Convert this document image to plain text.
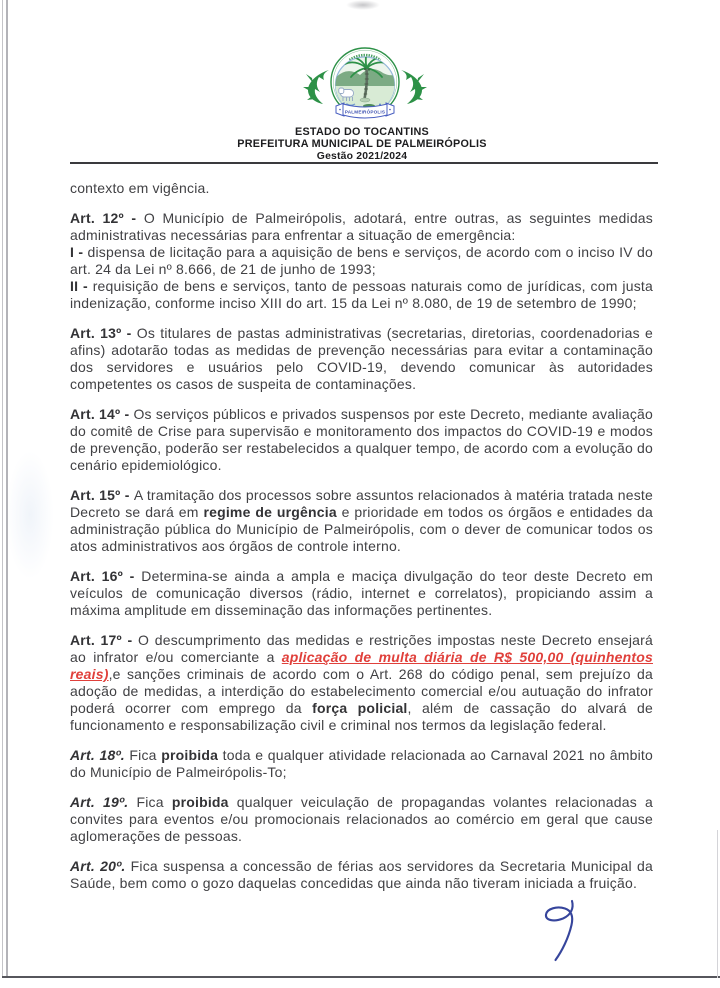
PALMEIRÓPOLIS
ESTADO DO TOCANTINS
PREFEITURA MUNICIPAL DE PALMEIRÓPOLIS
Gestão 2021/2024

contexto em vigência.

Art. 12º - O Município de Palmeirópolis, adotará, entre outras, as seguintes medidas administrativas necessárias para enfrentar a situação de emergência:

I - dispensa de licitação para a aquisição de bens e serviços, de acordo com o inciso IV do art. 24 da Lei nº 8.666, de 21 de junho de 1993;

II - requisição de bens e serviços, tanto de pessoas naturais como de jurídicas, com justa indenização, conforme inciso XIII do art. 15 da Lei nº 8.080, de 19 de setembro de 1990;

Art. 13º - Os titulares de pastas administrativas (secretarias, diretorias, coordenadorias e afins) adotarão todas as medidas de prevenção necessárias para evitar a contaminação dos servidores e usuários pelo COVID-19, devendo comunicar às autoridades competentes os casos de suspeita de contaminações.

Art. 14º - Os serviços públicos e privados suspensos por este Decreto, mediante avaliação do comitê de Crise para supervisão e monitoramento dos impactos do COVID-19 e modos de prevenção, poderão ser restabelecidos a qualquer tempo, de acordo com a evolução do cenário epidemiológico.

Art. 15º - A tramitação dos processos sobre assuntos relacionados à matéria tratada neste Decreto se dará em regime de urgência e prioridade em todos os órgãos e entidades da administração pública do Município de Palmeirópolis, com o dever de comunicar todos os atos administrativos aos órgãos de controle interno.

Art. 16º - Determina-se ainda a ampla e maciça divulgação do teor deste Decreto em veículos de comunicação diversos (rádio, internet e correlatos), propiciando assim a máxima amplitude em disseminação das informações pertinentes.

Art. 17º - O descumprimento das medidas e restrições impostas neste Decreto ensejará ao infrator e/ou comerciante a aplicação de multa diária de R$ 500,00 (quinhentos reais),e sanções criminais de acordo com o Art. 268 do código penal, sem prejuízo da adoção de medidas, a interdição do estabelecimento comercial e/ou autuação do infrator poderá ocorrer com emprego da força policial, além de cassação do alvará de funcionamento e responsabilização civil e criminal nos termos da legislação federal.

Art. 18º. Fica proibida toda e qualquer atividade relacionada ao Carnaval 2021 no âmbito do Município de Palmeirópolis-To;

Art. 19º. Fica proibida qualquer veiculação de propagandas volantes relacionadas a convites para eventos e/ou promocionais relacionados ao comércio em geral que cause aglomerações de pessoas.

Art. 20º. Fica suspensa a concessão de férias aos servidores da Secretaria Municipal da Saúde, bem como o gozo daquelas concedidas que ainda não tiveram iniciada a fruição.
